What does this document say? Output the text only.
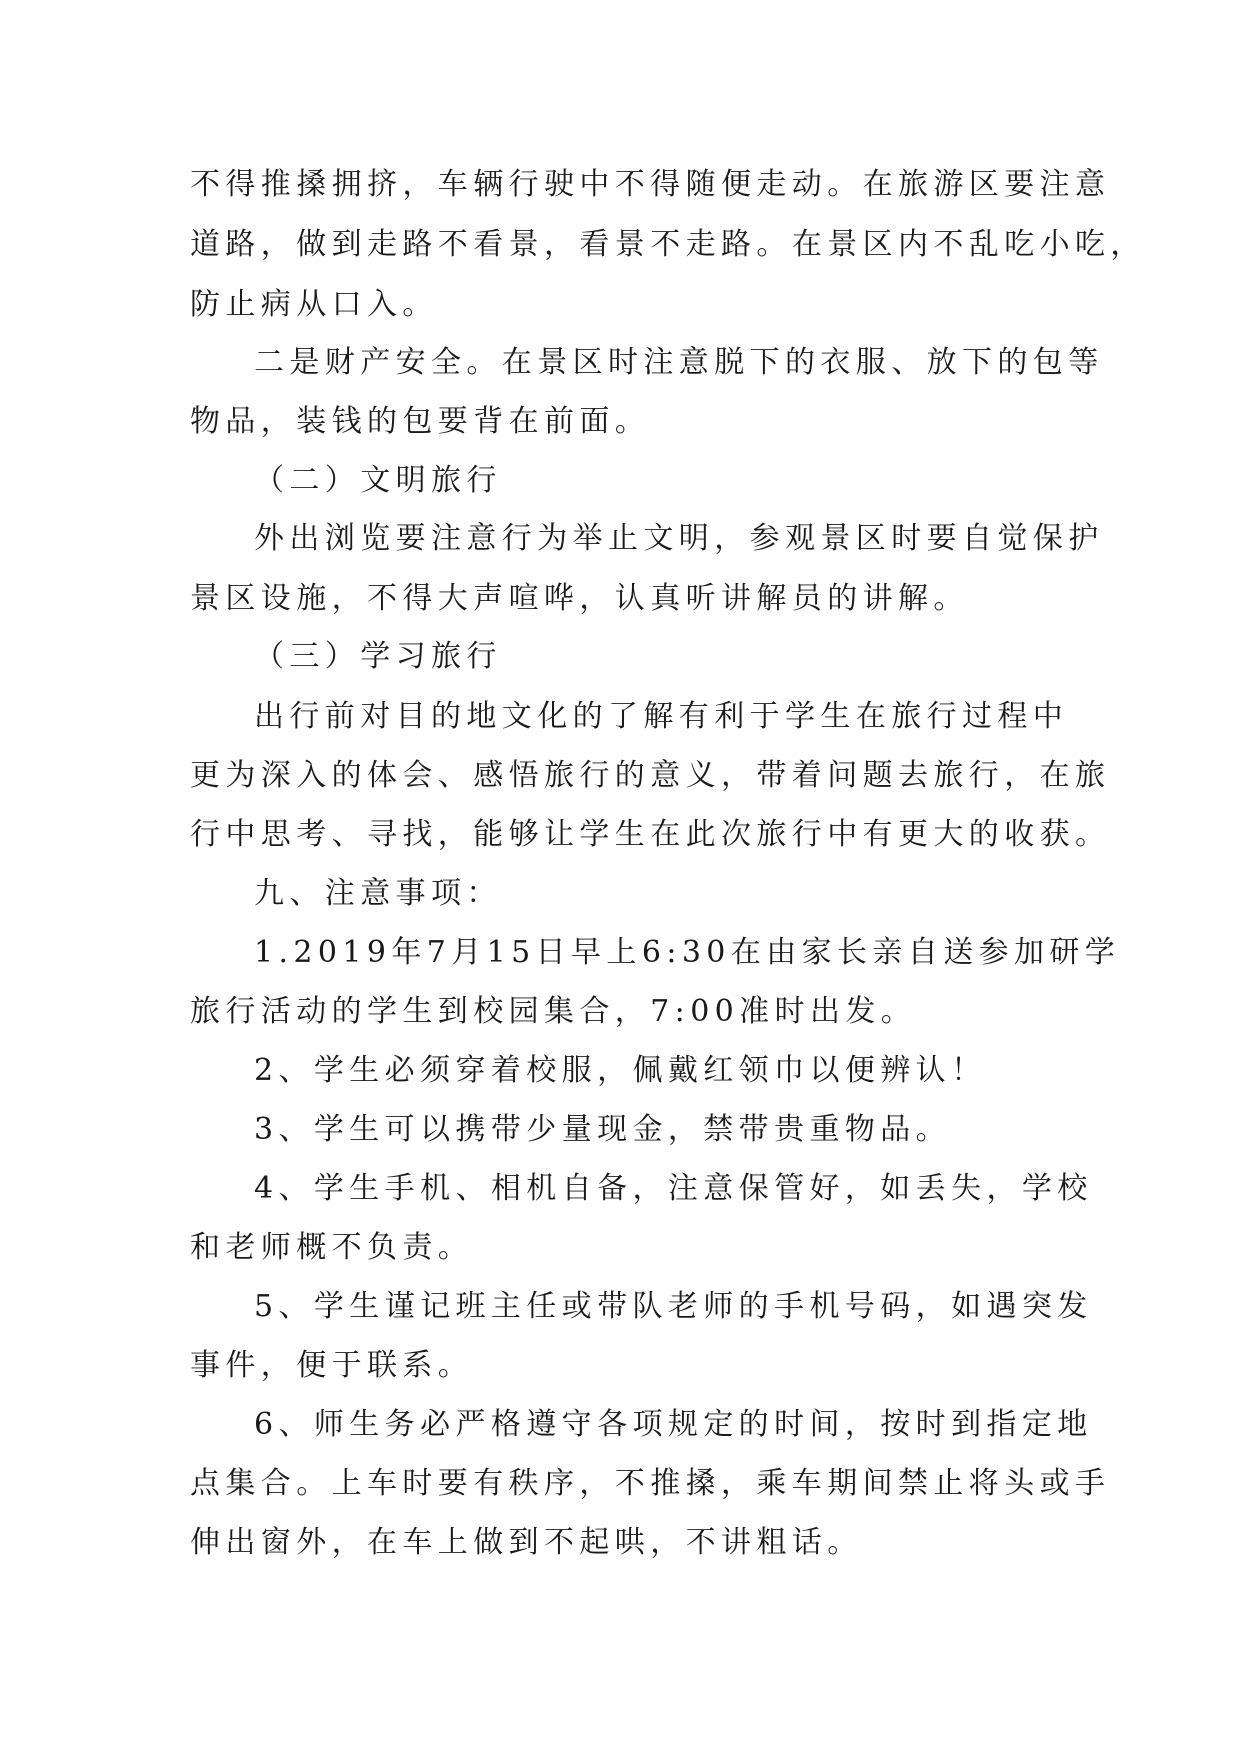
不得推搡拥挤，车辆行驶中不得随便走动。在旅游区要注意
道路，做到走路不看景，看景不走路。在景区内不乱吃小吃，
防止病从口入。
二是财产安全。在景区时注意脱下的衣服、放下的包等
物品，装钱的包要背在前面。
（二）文明旅行
外出浏览要注意行为举止文明，参观景区时要自觉保护
景区设施，不得大声喧哗，认真听讲解员的讲解。
（三）学习旅行
出行前对目的地文化的了解有利于学生在旅行过程中
更为深入的体会、感悟旅行的意义，带着问题去旅行，在旅
行中思考、寻找，能够让学生在此次旅行中有更大的收获。
九、注意事项：
1.2019年7月15日早上6:30在由家长亲自送参加研学
旅行活动的学生到校园集合，7:00准时出发。
2、学生必须穿着校服，佩戴红领巾以便辨认！
3、学生可以携带少量现金，禁带贵重物品。
4、学生手机、相机自备，注意保管好，如丢失，学校
和老师概不负责。
5、学生谨记班主任或带队老师的手机号码，如遇突发
事件，便于联系。
6、师生务必严格遵守各项规定的时间，按时到指定地
点集合。上车时要有秩序，不推搡，乘车期间禁止将头或手
伸出窗外，在车上做到不起哄，不讲粗话。
